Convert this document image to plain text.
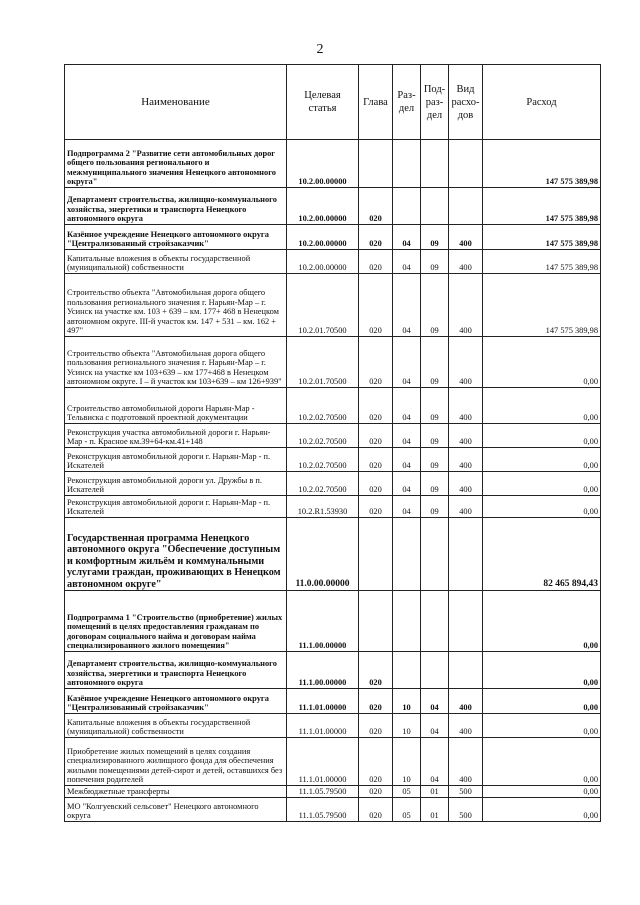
2
Наименование	Целевая статья	Глава	Раз-дел	Под-раз-дел	Вид расхо-дов	Расход
Подпрограмма 2 "Развитие сети автомобильных дорог общего пользования регионального и межмуниципального значения Ненецкого автономного округа"	10.2.00.00000					147 575 389,98
Департамент строительства, жилищно-коммунального хозяйства, энергетики и транспорта Ненецкого автономного округа	10.2.00.00000	020				147 575 389,98
Казённое учреждение Ненецкого автономного округа "Централизованный стройзаказчик"	10.2.00.00000	020	04	09	400	147 575 389,98
Капитальные вложения в объекты государственной (муниципальной) собственности	10.2.00.00000	020	04	09	400	147 575 389,98
Строительство объекта "Автомобильная дорога общего пользования регионального значения г. Нарьян-Мар – г. Усинск на участке км. 103 + 639 – км. 177+ 468 в Ненецком автономном округе. III-й участок км. 147 + 531 – км. 162 + 497"	10.2.01.70500	020	04	09	400	147 575 389,98
Строительство объекта "Автомобильная дорога общего пользования регионального значения г. Нарьян-Мар – г. Усинск на участке км 103+639 – км 177+468 в Ненецком автономном округе. I – й участок км 103+639 – км 126+939"	10.2.01.70500	020	04	09	400	0,00
Строительство автомобильной дороги Нарьян-Мар - Тельвиска с подготовкой проектной документации	10.2.02.70500	020	04	09	400	0,00
Реконструкция участка автомобильной дороги г. Нарьян-Мар - п. Красное км.39+64-км.41+148	10.2.02.70500	020	04	09	400	0,00
Реконструкция автомобильной дороги г. Нарьян-Мар - п. Искателей	10.2.02.70500	020	04	09	400	0,00
Реконструкция автомобильной дороги ул. Дружбы в п. Искателей	10.2.02.70500	020	04	09	400	0,00
Реконструкция автомобильной дороги г. Нарьян-Мар - п. Искателей	10.2.R1.53930	020	04	09	400	0,00
Государственная программа Ненецкого автономного округа "Обеспечение доступным и комфортным жильём и коммунальными услугами граждан, проживающих в Ненецком автономном округе"	11.0.00.00000					82 465 894,43
Подпрограмма 1 "Строительство (приобретение) жилых помещений в целях предоставления гражданам по договорам социального найма и договорам найма специализированного жилого помещения"	11.1.00.00000					0,00
Департамент строительства, жилищно-коммунального хозяйства, энергетики и транспорта Ненецкого автономного округа	11.1.00.00000	020				0,00
Казённое учреждение Ненецкого автономного округа "Централизованный стройзаказчик"	11.1.01.00000	020	10	04	400	0,00
Капитальные вложения в объекты государственной (муниципальной) собственности	11.1.01.00000	020	10	04	400	0,00
Приобретение жилых помещений в целях создания специализированного жилищного фонда для обеспечения жилыми помещениями детей-сирот и детей, оставшихся без попечения родителей	11.1.01.00000	020	10	04	400	0,00
Межбюджетные трансферты	11.1.05.79500	020	05	01	500	0,00
МО "Колгуевский сельсовет" Ненецкого автономного округа	11.1.05.79500	020	05	01	500	0,00
